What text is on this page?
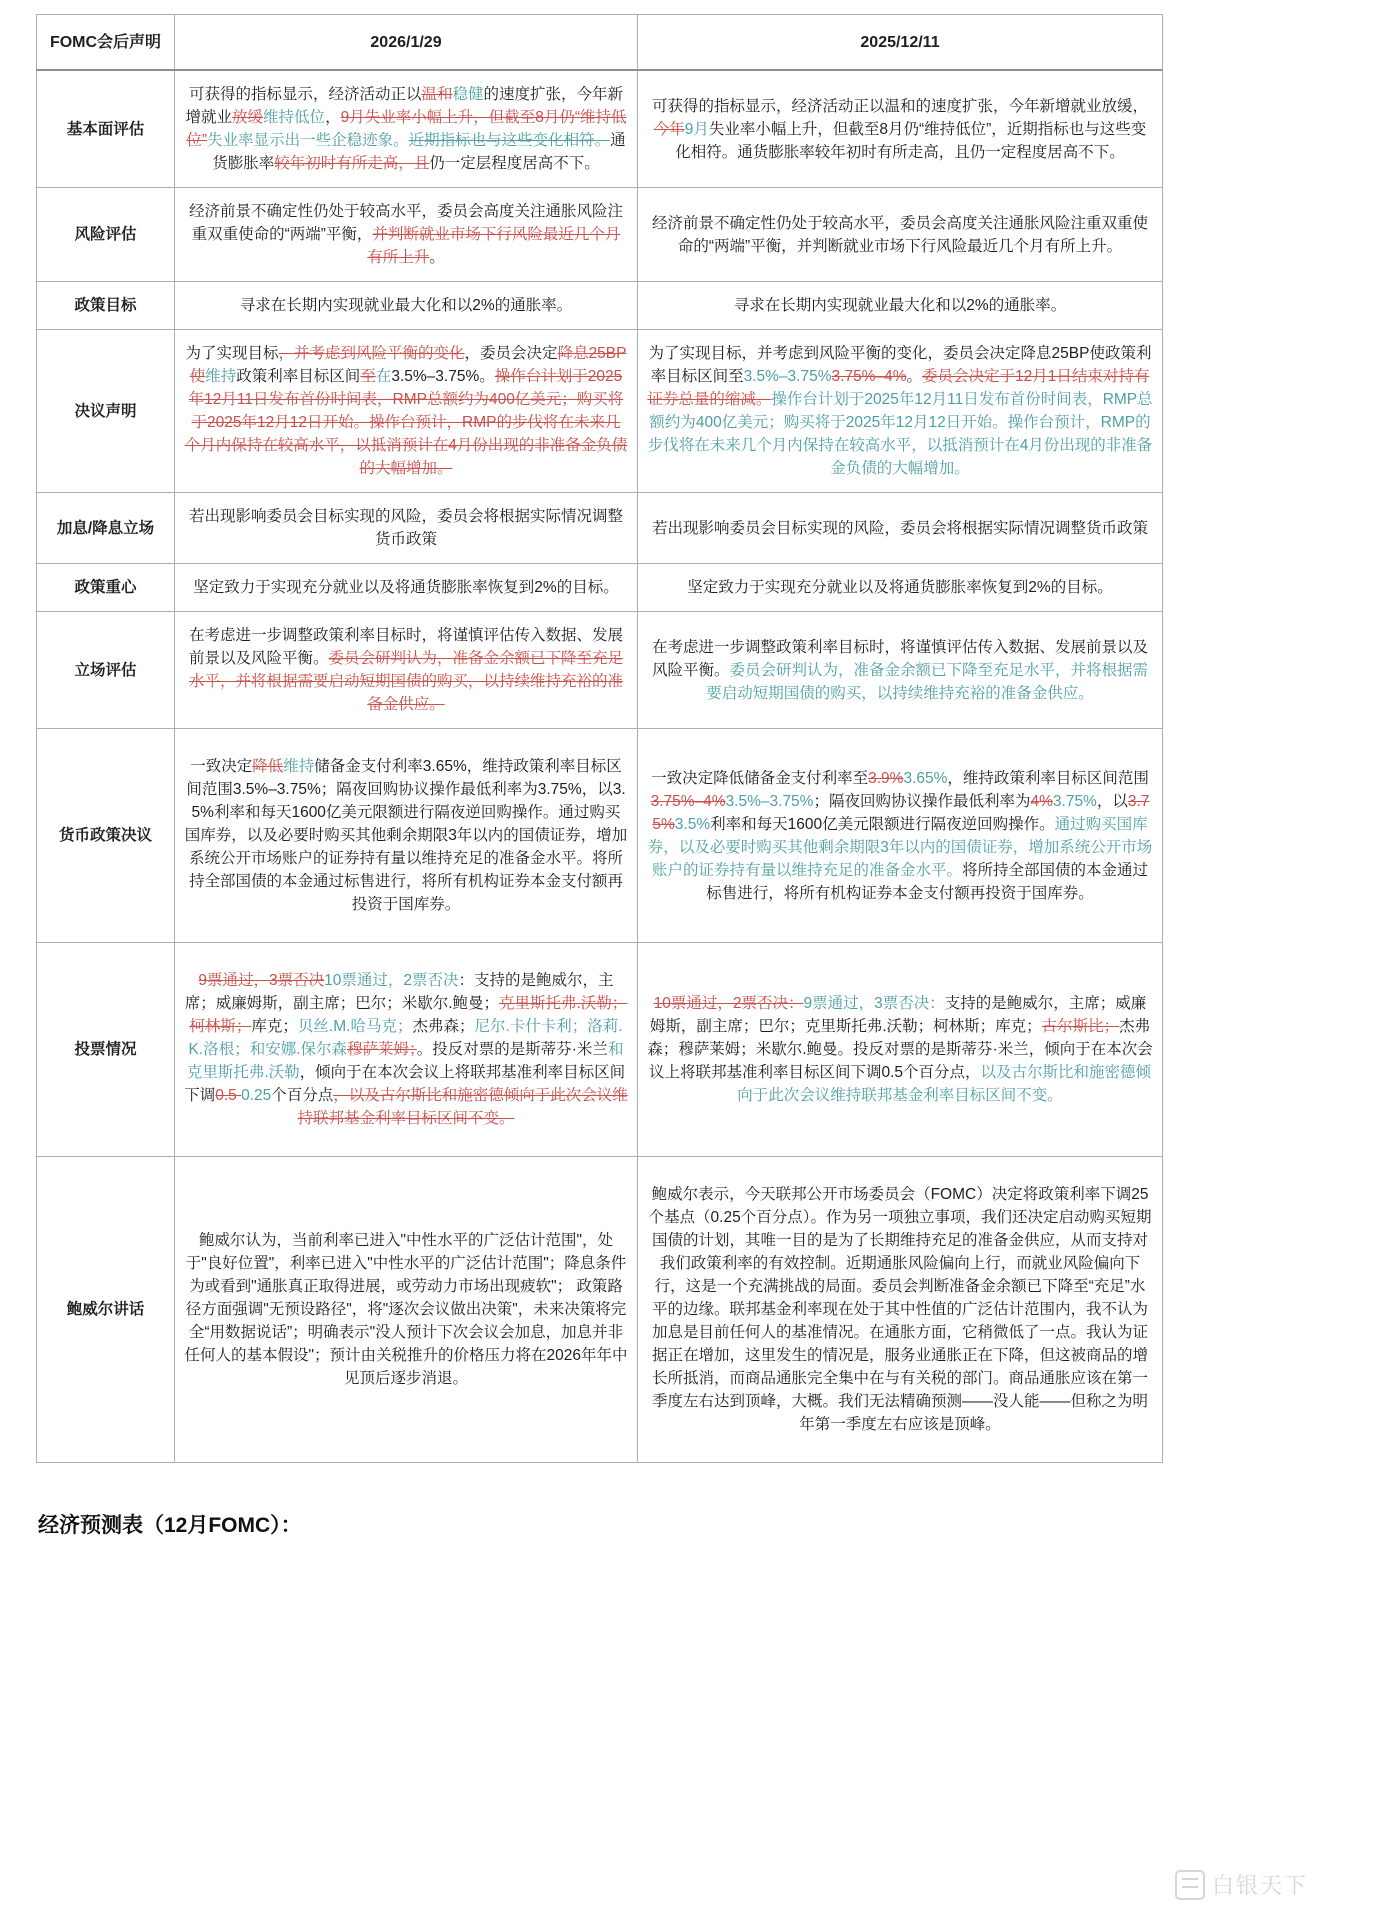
FOMC会后声明	2026/1/29	2025/12/11
基本面评估	可获得的指标显示，经济活动正以温和稳健的速度扩张，今年新增就业放缓维持低位，9月失业率小幅上升，但截至8月仍“维持低位”失业率显示出一些企稳迹象。近期指标也与这些变化相符。通货膨胀率较年初时有所走高，且仍一定层程度居高不下。	可获得的指标显示，经济活动正以温和的速度扩张，今年新增就业放缓，今年9月失业率小幅上升，但截至8月仍“维持低位”，近期指标也与这些变化相符。通货膨胀率较年初时有所走高，且仍一定程度居高不下。
风险评估	经济前景不确定性仍处于较高水平，委员会高度关注通胀风险注重双重使命的“两端”平衡，并判断就业市场下行风险最近几个月有所上升。	经济前景不确定性仍处于较高水平，委员会高度关注通胀风险注重双重使命的“两端”平衡，并判断就业市场下行风险最近几个月有所上升。
政策目标	寻求在长期内实现就业最大化和以2%的通胀率。	寻求在长期内实现就业最大化和以2%的通胀率。
决议声明	为了实现目标，并考虑到风险平衡的变化，委员会决定降息25BP使维持政策利率目标区间至在3.5%–3.75%。操作台计划于2025年12月11日发布首份时间表，RMP总额约为400亿美元；购买将于2025年12月12日开始。操作台预计，RMP的步伐将在未来几个月内保持在较高水平，以抵消预计在4月份出现的非准备金负债的大幅增加。	为了实现目标，并考虑到风险平衡的变化，委员会决定降息25BP使政策利率目标区间至3.5%–3.75%3.75%–4%。委员会决定于12月1日结束对持有证券总量的缩减。操作台计划于2025年12月11日发布首份时间表，RMP总额约为400亿美元；购买将于2025年12月12日开始。操作台预计，RMP的步伐将在未来几个月内保持在较高水平，以抵消预计在4月份出现的非准备金负债的大幅增加。
加息/降息立场	若出现影响委员会目标实现的风险，委员会将根据实际情况调整货币政策	若出现影响委员会目标实现的风险，委员会将根据实际情况调整货币政策
政策重心	坚定致力于实现充分就业以及将通货膨胀率恢复到2%的目标。	坚定致力于实现充分就业以及将通货膨胀率恢复到2%的目标。
立场评估	在考虑进一步调整政策利率目标时，将谨慎评估传入数据、发展前景以及风险平衡。委员会研判认为，准备金余额已下降至充足水平，并将根据需要启动短期国债的购买，以持续维持充裕的准备金供应。	在考虑进一步调整政策利率目标时，将谨慎评估传入数据、发展前景以及风险平衡。委员会研判认为，准备金余额已下降至充足水平，并将根据需要启动短期国债的购买，以持续维持充裕的准备金供应。
货币政策决议	一致决定降低维持储备金支付利率3.65%，维持政策利率目标区间范围3.5%–3.75%；隔夜回购协议操作最低利率为3.75%，以3.5%利率和每天1600亿美元限额进行隔夜逆回购操作。通过购买国库券，以及必要时购买其他剩余期限3年以内的国债证券，增加系统公开市场账户的证券持有量以维持充足的准备金水平。将所持全部国债的本金通过标售进行，将所有机构证券本金支付额再投资于国库券。	一致决定降低储备金支付利率至3.9%3.65%，维持政策利率目标区间范围3.75%–4%3.5%–3.75%；隔夜回购协议操作最低利率为4%3.75%，以3.75%3.5%利率和每天1600亿美元限额进行隔夜逆回购操作。通过购买国库券，以及必要时购买其他剩余期限3年以内的国债证券，增加系统公开市场账户的证券持有量以维持充足的准备金水平。将所持全部国债的本金通过标售进行，将所有机构证券本金支付额再投资于国库券。
投票情况	9票通过，3票否决10票通过，2票否决：支持的是鲍威尔，主席；威廉姆斯，副主席；巴尔；米歇尔.鲍曼；克里斯托弗.沃勒；柯林斯；库克；贝丝.M.哈马克；杰弗森；尼尔.卡什卡利；洛莉.K.洛根；和安娜.保尔森穆萨莱姆；。投反对票的是斯蒂芬·米兰和克里斯托弗.沃勒，倾向于在本次会议上将联邦基准利率目标区间下调0.5 0.25个百分点，以及古尔斯比和施密德倾向于此次会议维持联邦基金利率目标区间不变。	10票通过，2票否决：9票通过，3票否决：支持的是鲍威尔，主席；威廉姆斯，副主席；巴尔；克里斯托弗.沃勒；柯林斯；库克；古尔斯比；杰弗森；穆萨莱姆；米歇尔.鲍曼。投反对票的是斯蒂芬·米兰，倾向于在本次会议上将联邦基准利率目标区间下调0.5个百分点，以及古尔斯比和施密德倾向于此次会议维持联邦基金利率目标区间不变。
鲍威尔讲话	鲍威尔认为，当前利率已进入"中性水平的广泛估计范围"，处于"良好位置"，利率已进入"中性水平的广泛估计范围"；降息条件为或看到"通胀真正取得进展，或劳动力市场出现疲软"； 政策路径方面强调"无预设路径"，将"逐次会议做出决策"，未来决策将完全“用数据说话”；明确表示"没人预计下次会议会加息，加息并非任何人的基本假设"；预计由关税推升的价格压力将在2026年年中见顶后逐步消退。	鲍威尔表示，今天联邦公开市场委员会（FOMC）决定将政策利率下调25个基点（0.25个百分点）。作为另一项独立事项，我们还决定启动购买短期国债的计划，其唯一目的是为了长期维持充足的准备金供应，从而支持对我们政策利率的有效控制。近期通胀风险偏向上行，而就业风险偏向下行，这是一个充满挑战的局面。委员会判断准备金余额已下降至“充足”水平的边缘。联邦基金利率现在处于其中性值的广泛估计范围内，我不认为加息是目前任何人的基准情况。在通胀方面，它稍微低了一点。我认为证据正在增加，这里发生的情况是，服务业通胀正在下降，但这被商品的增长所抵消，而商品通胀完全集中在与有关税的部门。商品通胀应该在第一季度左右达到顶峰，大概。我们无法精确预测——没人能——但称之为明年第一季度左右应该是顶峰。
经济预测表（12月FOMC）：
白银天下
